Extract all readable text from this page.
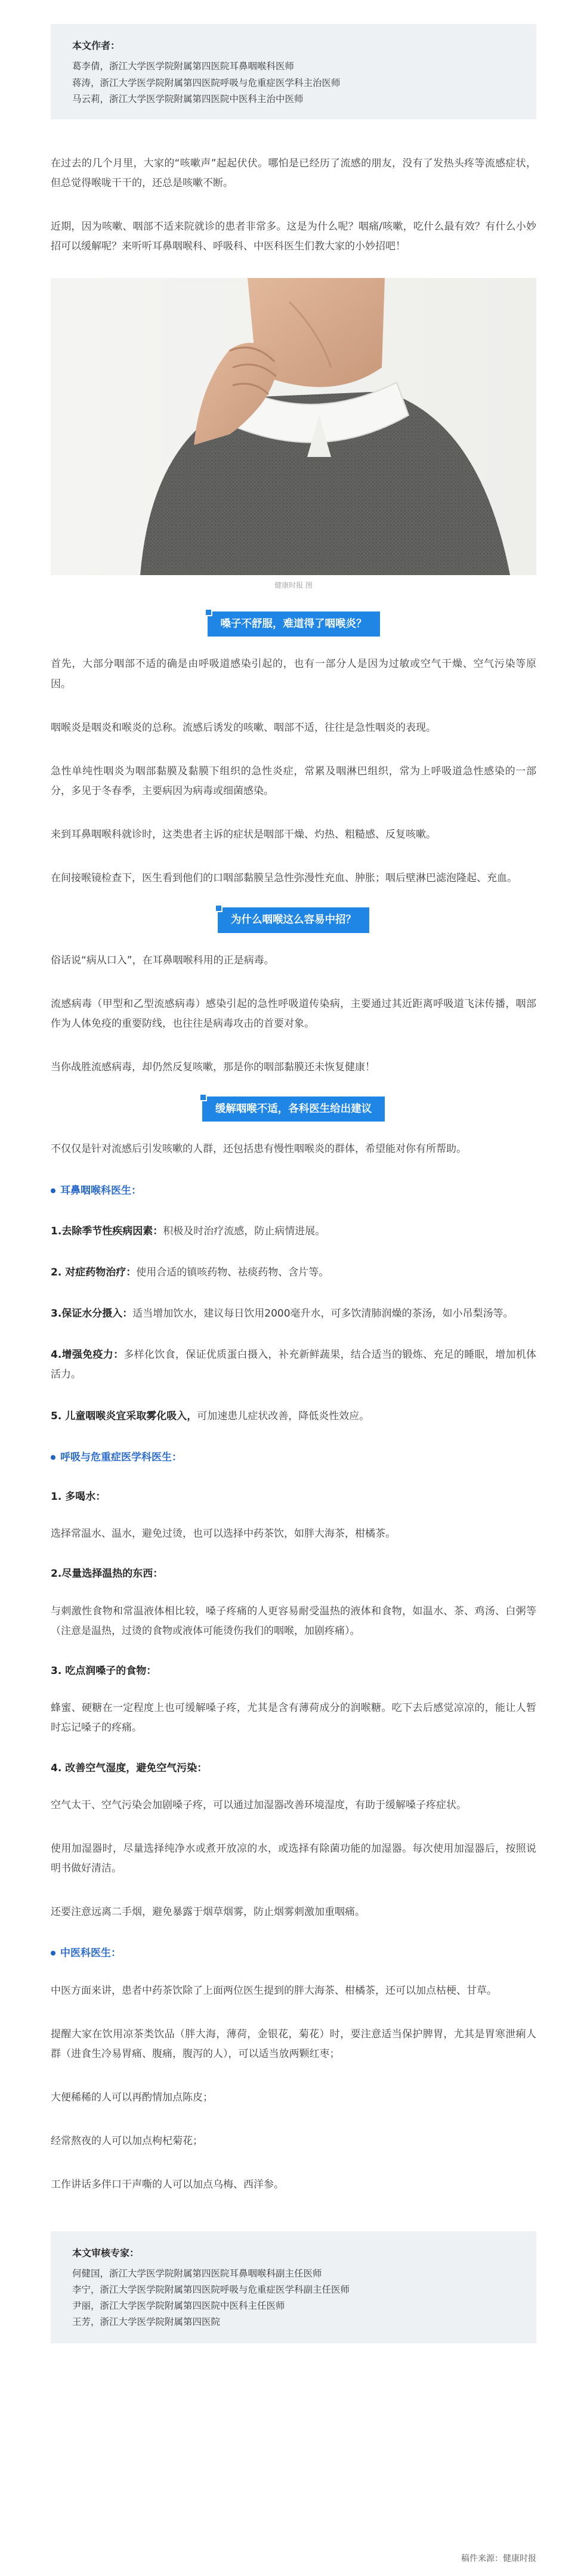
本文作者：
葛李倩，浙江大学医学院附属第四医院耳鼻咽喉科医师
蒋涛，浙江大学医学院附属第四医院呼吸与危重症医学科主治医师
马云莉，浙江大学医学院附属第四医院中医科主治中医师

在过去的几个月里，大家的“咳嗽声”起起伏伏。哪怕是已经历了流感的朋友，没有了发热头疼等流感症状，但总觉得喉咙干干的，还总是咳嗽不断。

近期，因为咳嗽、咽部不适来院就诊的患者非常多。这是为什么呢？咽痛/咳嗽，吃什么最有效？有什么小妙招可以缓解呢？来听听耳鼻咽喉科、呼吸科、中医科医生们教大家的小妙招吧！

健康时报 图
嗓子不舒服，难道得了咽喉炎？

首先，大部分咽部不适的确是由呼吸道感染引起的，也有一部分人是因为过敏或空气干燥、空气污染等原因。

咽喉炎是咽炎和喉炎的总称。流感后诱发的咳嗽、咽部不适，往往是急性咽炎的表现。

急性单纯性咽炎为咽部黏膜及黏膜下组织的急性炎症，常累及咽淋巴组织，常为上呼吸道急性感染的一部分，多见于冬春季，主要病因为病毒或细菌感染。

来到耳鼻咽喉科就诊时，这类患者主诉的症状是咽部干燥、灼热、粗糙感、反复咳嗽。

在间接喉镜检查下，医生看到他们的口咽部黏膜呈急性弥漫性充血、肿胀；咽后壁淋巴滤泡隆起、充血。

为什么咽喉这么容易中招？

俗话说“病从口入”，在耳鼻咽喉科用的正是病毒。

流感病毒（甲型和乙型流感病毒）感染引起的急性呼吸道传染病，主要通过其近距离呼吸道飞沫传播，咽部作为人体免疫的重要防线，也往往是病毒攻击的首要对象。

当你战胜流感病毒，却仍然反复咳嗽，那是你的咽部黏膜还未恢复健康！

缓解咽喉不适，各科医生给出建议

不仅仅是针对流感后引发咳嗽的人群，还包括患有慢性咽喉炎的群体，希望能对你有所帮助。

耳鼻咽喉科医生：

1.去除季节性疾病因素：积极及时治疗流感，防止病情进展。

2. 对症药物治疗：使用合适的镇咳药物、祛痰药物、含片等。

3.保证水分摄入：适当增加饮水，建议每日饮用2000毫升水，可多饮清肺润燥的茶汤，如小吊梨汤等。

4.增强免疫力：多样化饮食，保证优质蛋白摄入，补充新鲜蔬果，结合适当的锻炼、充足的睡眠，增加机体活力。

5. 儿童咽喉炎宜采取雾化吸入，可加速患儿症状改善，降低炎性效应。

呼吸与危重症医学科医生：
1. 多喝水：

选择常温水、温水，避免过烫，也可以选择中药茶饮，如胖大海茶，柑橘茶。

2.尽量选择温热的东西：

与刺激性食物和常温液体相比较，嗓子疼痛的人更容易耐受温热的液体和食物，如温水、茶、鸡汤、白粥等（注意是温热，过烫的食物或液体可能烫伤我们的咽喉，加剧疼痛）。

3. 吃点润嗓子的食物：

蜂蜜、硬糖在一定程度上也可缓解嗓子疼，尤其是含有薄荷成分的润喉糖。吃下去后感觉凉凉的，能让人暂时忘记嗓子的疼痛。

4. 改善空气湿度，避免空气污染：

空气太干、空气污染会加剧嗓子疼，可以通过加湿器改善环境湿度，有助于缓解嗓子疼症状。

使用加湿器时，尽量选择纯净水或煮开放凉的水，或选择有除菌功能的加湿器。每次使用加湿器后，按照说明书做好清洁。

还要注意远离二手烟，避免暴露于烟草烟雾，防止烟雾刺激加重咽痛。

中医科医生：

中医方面来讲，患者中药茶饮除了上面两位医生提到的胖大海茶、柑橘茶，还可以加点枯梗、甘草。

提醒大家在饮用凉茶类饮品（胖大海，薄荷，金银花，菊花）时，要注意适当保护脾胃，尤其是胃寒泄痢人群（进食生冷易胃痛、腹痛，腹泻的人），可以适当放两颗红枣；

大便稀稀的人可以再酌情加点陈皮；

经常熬夜的人可以加点枸杞菊花；

工作讲话多伴口干声嘶的人可以加点乌梅、西洋参。

本文审核专家：
何健国，浙江大学医学院附属第四医院耳鼻咽喉科副主任医师
李宁，浙江大学医学院附属第四医院呼吸与危重症医学科副主任医师
尹丽，浙江大学医学院附属第四医院中医科主任医师
王芳，浙江大学医学院附属第四医院
稿件来源：健康时报
